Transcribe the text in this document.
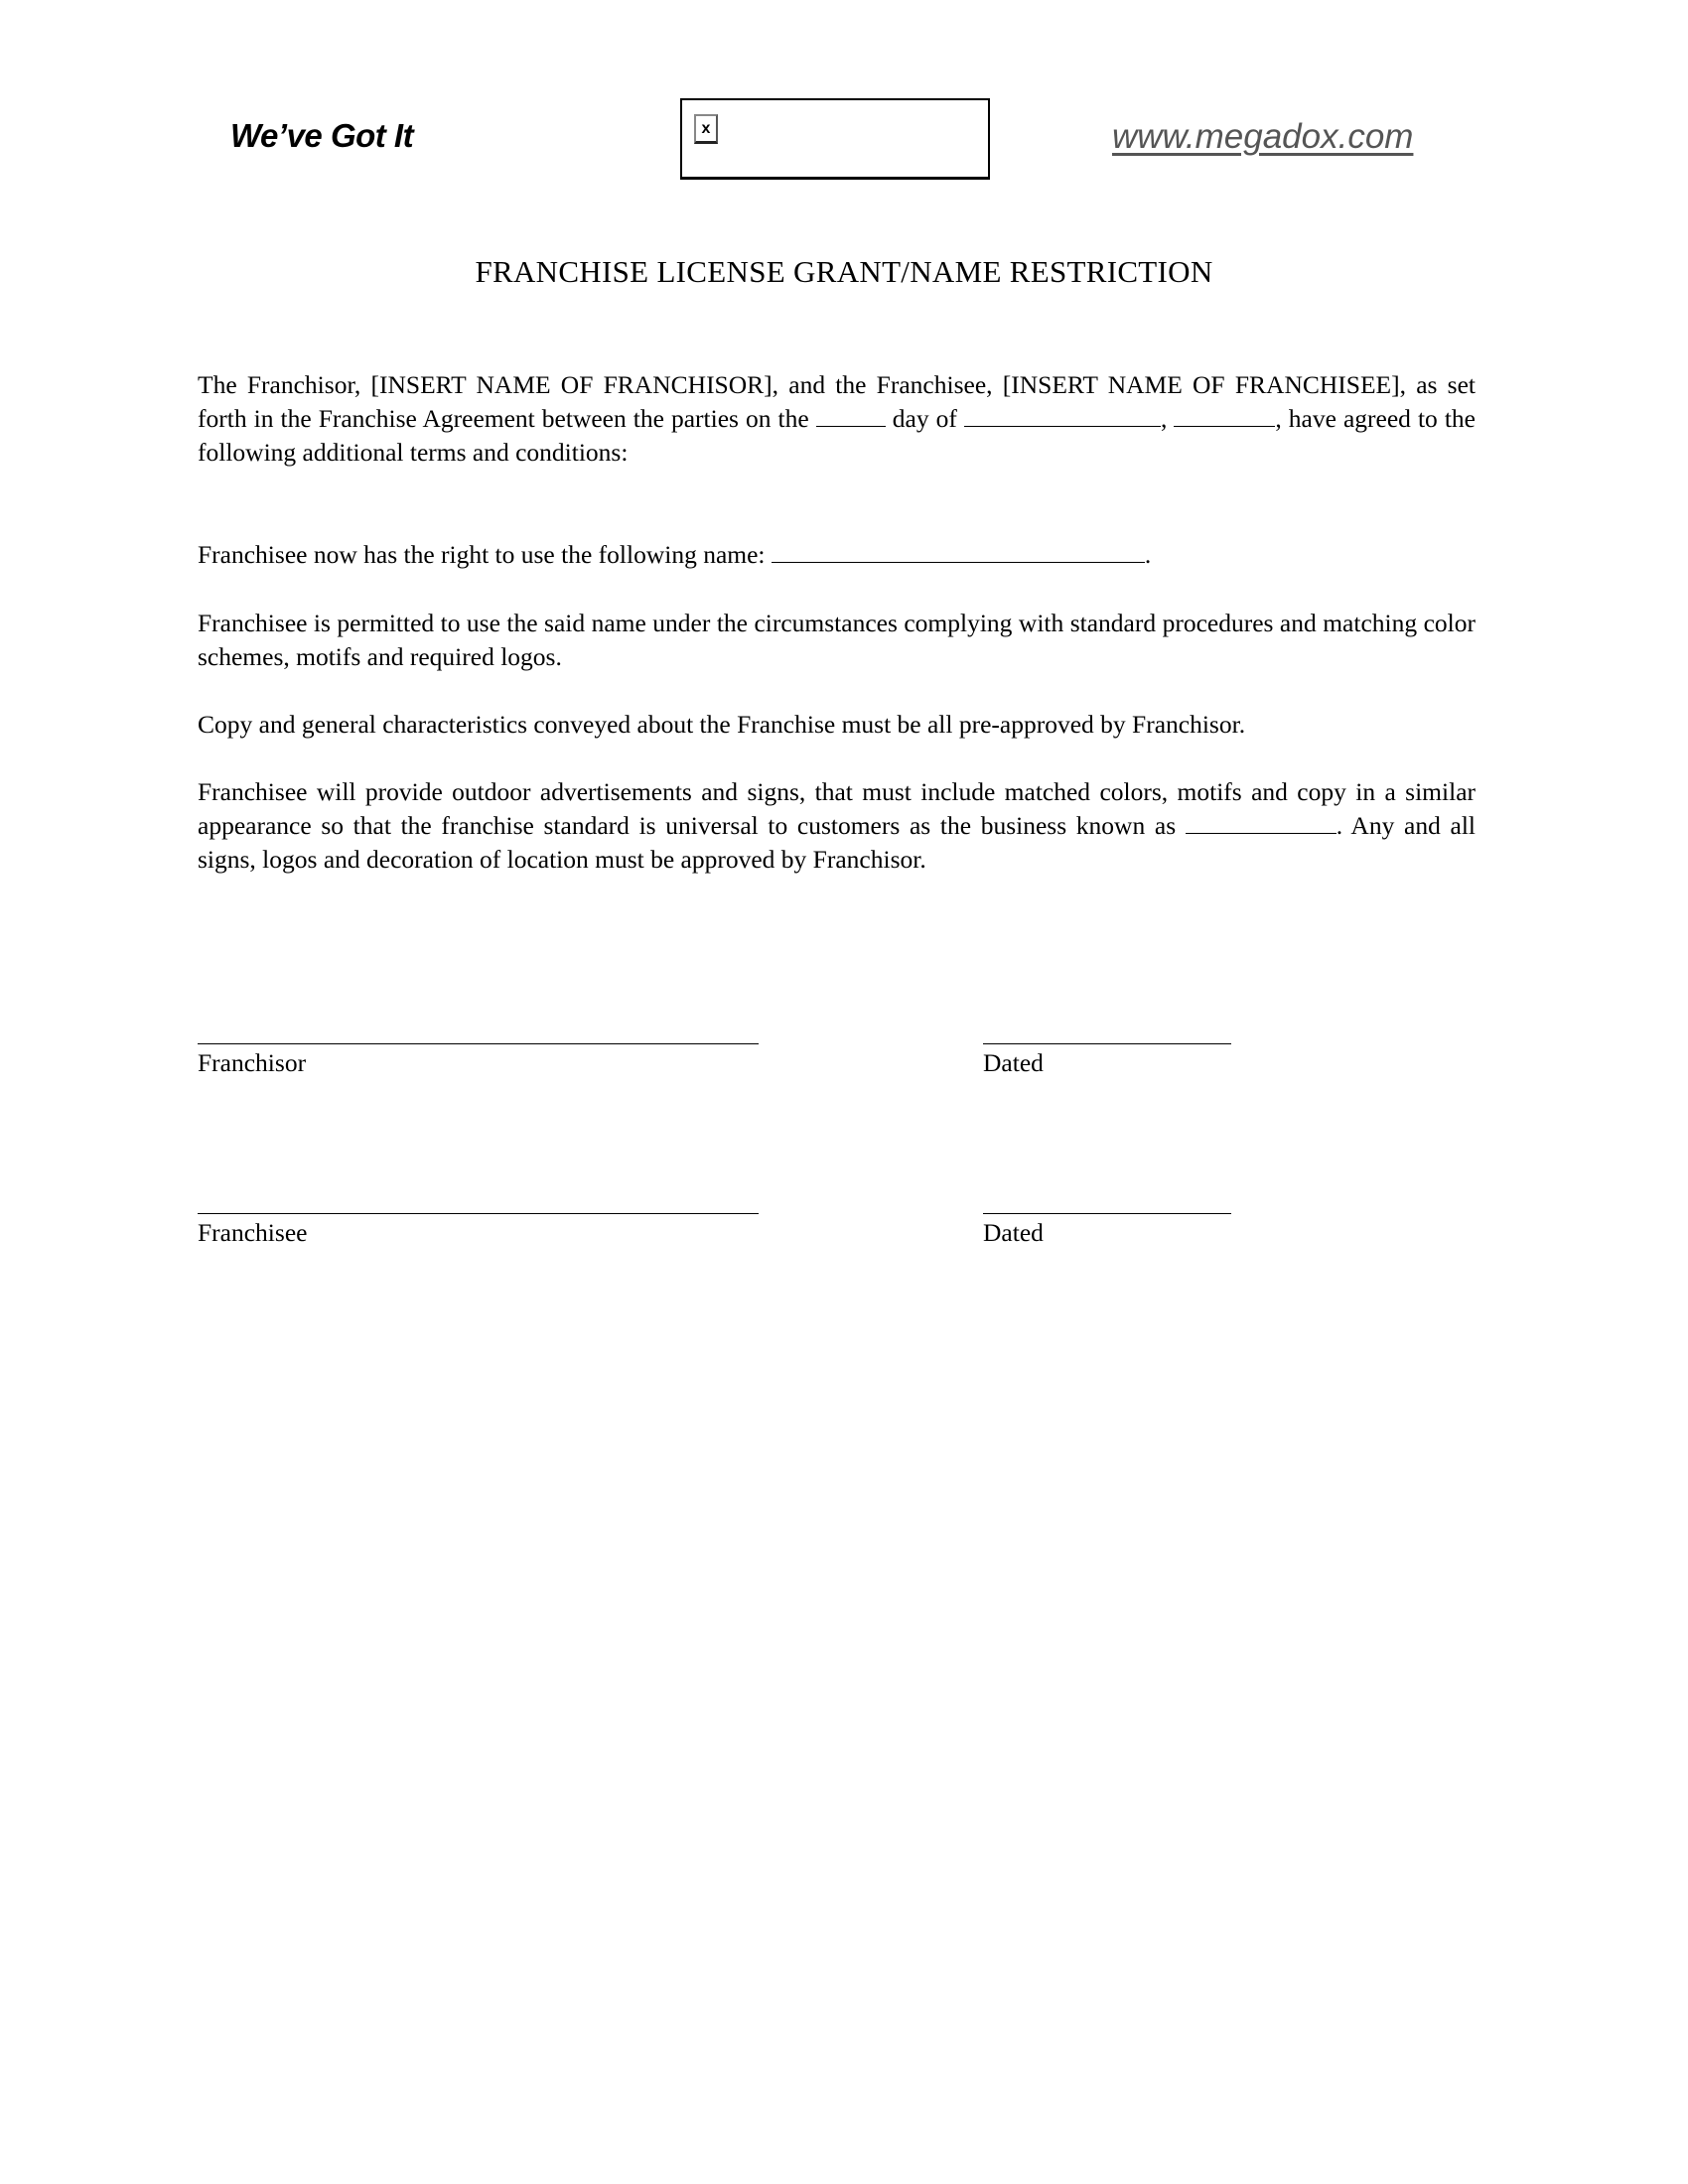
We’ve Got It	x	www.megadox.com
FRANCHISE LICENSE GRANT/NAME RESTRICTION
The Franchisor, [INSERT NAME OF FRANCHISOR], and the Franchisee, [INSERT NAME OF FRANCHISEE], as set forth in the Franchise Agreement between the parties on the	day of	,	, have agreed to the following additional terms and conditions:
Franchisee now has the right to use the following name:	.
Franchisee is permitted to use the said name under the circumstances complying with standard procedures and matching color schemes, motifs and required logos.
Copy and general characteristics conveyed about the Franchise must be all pre-approved by Franchisor.
Franchisee will provide outdoor advertisements and signs, that must include matched colors, motifs and copy in a similar appearance so that the franchise standard is universal to customers as the business known as	. Any and all signs, logos and decoration of location must be approved by Franchisor.
Franchisor	Dated
Franchisee	Dated
